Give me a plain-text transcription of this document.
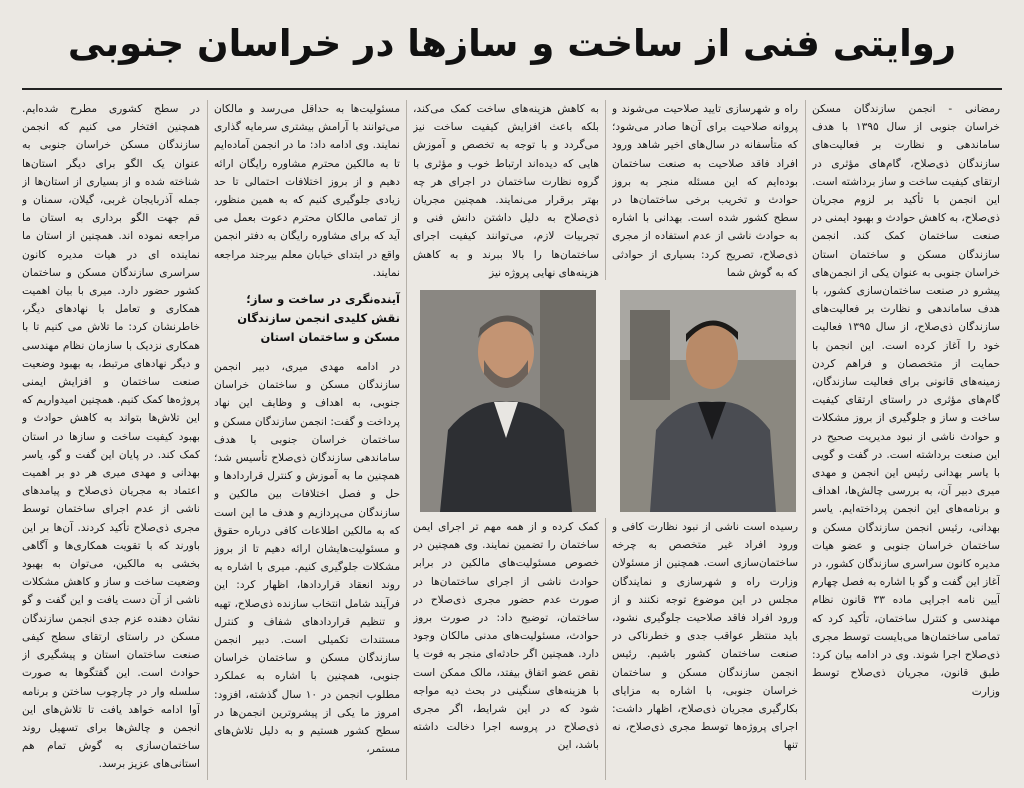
روایتی فنی از ساخت و سازها در خراسان جنوبی
رمضانی - انجمن سازندگان مسکن خراسان جنوبی از سال ۱۳۹۵ با هدف ساماندهی و نظارت بر فعالیت‌های سازندگان ذی‌صلاح، گام‌های مؤثری در ارتقای کیفیت ساخت و ساز برداشته است. این انجمن با تأکید بر لزوم مجریان ذی‌صلاح، به کاهش حوادث و بهبود ایمنی در صنعت ساختمان کمک کند. انجمن سازندگان مسکن و ساختمان استان خراسان جنوبی به عنوان یکی از انجمن‌های پیشرو در صنعت ساختمان‌سازی کشور، با هدف ساماندهی و نظارت بر فعالیت‌های سازندگان ذی‌صلاح، از سال ۱۳۹۵ فعالیت خود را آغاز کرده است. این انجمن با حمایت از متخصصان و فراهم کردن زمینه‌های قانونی برای فعالیت سازندگان، گام‌های مؤثری در راستای ارتقای کیفیت ساخت و ساز و جلوگیری از بروز مشکلات و حوادث ناشی از نبود مدیریت صحیح در این صنعت برداشته است. در گفت و گویی با یاسر بهدانی رئیس این انجمن و مهدی میری دبیر آن، به بررسی چالش‌ها، اهداف و برنامه‌های این انجمن پرداخته‌ایم. یاسر بهدانی، رئیس انجمن سازندگان مسکن و ساختمان خراسان جنوبی و عضو هیات مدیره کانون سراسری سازندگان کشور، در آغاز این گفت و گو با اشاره به فصل چهارم آیین نامه اجرایی ماده ۳۳ قانون نظام مهندسی و کنترل ساختمان، تأکید کرد که تمامی ساختمان‌ها می‌بایست توسط مجری ذی‌صلاح اجرا شوند. وی در ادامه بیان کرد: طبق قانون، مجریان ذی‌صلاح توسط وزارت
راه و شهرسازی تایید صلاحیت می‌شوند و پروانه صلاحیت برای آن‌ها صادر می‌شود؛ که متأسفانه در سال‌های اخیر شاهد ورود افراد فاقد صلاحیت به صنعت ساختمان بوده‌ایم که این مسئله منجر به بروز حوادث و تخریب برخی ساختمان‌ها در سطح کشور شده است. بهدانی با اشاره به حوادث ناشی از عدم استفاده از مجری ذی‌صلاح، تصریح کرد: بسیاری از حوادثی که به گوش شما
به کاهش هزینه‌های ساخت کمک می‌کند، بلکه باعث افزایش کیفیت ساخت نیز می‌گردد و با توجه به تخصص و آموزش هایی که دیده‌اند ارتباط خوب و مؤثری با گروه نظارت ساختمان در اجرای هر چه بهتر برقرار می‌نمایند. همچنین مجریان ذی‌صلاح به دلیل داشتن دانش فنی و تجربیات لازم، می‌توانند کیفیت اجرای ساختمان‌ها را بالا ببرند و به کاهش هزینه‌های نهایی پروژه نیز
رسیده است ناشی از نبود نظارت کافی و ورود افراد غیر متخصص به چرخه ساختمان‌سازی است. همچنین از مسئولان وزارت راه و شهرسازی و نمایندگان مجلس در این موضوع توجه نکنند و از ورود افراد فاقد صلاحیت جلوگیری نشود، باید منتظر عواقب جدی و خطرناکی در صنعت ساختمان کشور باشیم. رئیس انجمن سازندگان مسکن و ساختمان خراسان جنوبی، با اشاره به مزایای بکارگیری مجریان ذی‌صلاح، اظهار داشت: اجرای پروژه‌ها توسط مجری ذی‌صلاح، نه تنها
کمک کرده و از همه مهم تر اجرای ایمن ساختمان را تضمین نمایند. وی همچنین در خصوص مسئولیت‌های مالکین در برابر حوادث ناشی از اجرای ساختمان‌ها در صورت عدم حضور مجری ذی‌صلاح در ساختمان، توضیح داد: در صورت بروز حوادث، مسئولیت‌های مدنی مالکان وجود دارد. همچنین اگر حادثه‌ای منجر به فوت یا نقص عضو اتفاق بیفتد، مالک ممکن است با هزینه‌های سنگینی در بحث دیه مواجه شود که در این شرایط، اگر مجری ذی‌صلاح در پروسه اجرا دخالت داشته باشد، این
مسئولیت‌ها به حداقل می‌رسد و مالکان می‌توانند با آرامش بیشتری سرمایه گذاری نمایند. وی ادامه داد: ما در انجمن آماده‌ایم تا به مالکین محترم مشاوره رایگان ارائه دهیم و از بروز اختلافات احتمالی تا حد زیادی جلوگیری کنیم که به همین منظور، از تمامی مالکان محترم دعوت بعمل می آید که برای مشاوره رایگان به دفتر انجمن واقع در ابتدای خیابان معلم بیرجند مراجعه نمایند.
آینده‌نگری در ساخت و ساز؛ نقش کلیدی انجمن سازندگان مسکن و ساختمان استان
در ادامه مهدی میری، دبیر انجمن سازندگان مسکن و ساختمان خراسان جنوبی، به اهداف و وظایف این نهاد پرداخت و گفت: انجمن سازندگان مسکن و ساختمان خراسان جنوبی با هدف ساماندهی سازندگان ذی‌صلاح تأسیس شد؛ همچنین ما به آموزش و کنترل قراردادها و حل و فصل اختلافات بین مالکین و سازندگان می‌پردازیم و هدف ما این است که به مالکین اطلاعات کافی درباره حقوق و مسئولیت‌هایشان ارائه دهیم تا از بروز مشکلات جلوگیری کنیم. میری با اشاره به روند انعقاد قراردادها، اظهار کرد: این فرآیند شامل انتخاب سازنده ذی‌صلاح، تهیه و تنظیم قراردادهای شفاف و کنترل مستندات تکمیلی است. دبیر انجمن سازندگان مسکن و ساختمان خراسان جنوبی، همچنین با اشاره به عملکرد مطلوب انجمن در ۱۰ سال گذشته، افزود: امروز ما یکی از پیشروترین انجمن‌ها در سطح کشور هستیم و به دلیل تلاش‌های مستمر،
در سطح کشوری مطرح شده‌ایم. همچنین افتخار می کنیم که انجمن سازندگان مسکن خراسان جنوبی به عنوان یک الگو برای دیگر استان‌ها شناخته شده و از بسیاری از استان‌ها از جمله آذربایجان غربی، گیلان، سمنان و قم جهت الگو برداری به استان ما مراجعه نموده اند. همچنین از استان ما نماینده ای در هیات مدیره کانون سراسری سازندگان مسکن و ساختمان کشور حضور دارد. میری با بیان اهمیت همکاری و تعامل با نهادهای دیگر، خاطرنشان کرد: ما تلاش می کنیم تا با همکاری نزدیک با سازمان نظام مهندسی و دیگر نهادهای مرتبط، به بهبود وضعیت صنعت ساختمان و افزایش ایمنی پروژه‌ها کمک کنیم. همچنین امیدواریم که این تلاش‌ها بتواند به کاهش حوادث و بهبود کیفیت ساخت و سازها در استان کمک کند. در پایان این گفت و گو، یاسر بهدانی و مهدی میری هر دو بر اهمیت اعتماد به مجریان ذی‌صلاح و پیامدهای ناشی از عدم اجرای ساختمان توسط مجری ذی‌صلاح تأکید کردند. آن‌ها بر این باورند که با تقویت همکاری‌ها و آگاهی بخشی به مالکین، می‌توان به بهبود وضعیت ساخت و ساز و کاهش مشکلات ناشی از آن دست یافت و این گفت و گو نشان دهنده عزم جدی انجمن سازندگان مسکن در راستای ارتقای سطح کیفی صنعت ساختمان استان و پیشگیری از حوادث است. این گفتگوها به صورت سلسله وار در چارچوب ساختن و برنامه آوا ادامه خواهد یافت تا تلاش‌های این انجمن و چالش‌ها برای تسهیل روند ساختمان‌سازی به گوش تمام هم استانی‌های عزیز برسد.
